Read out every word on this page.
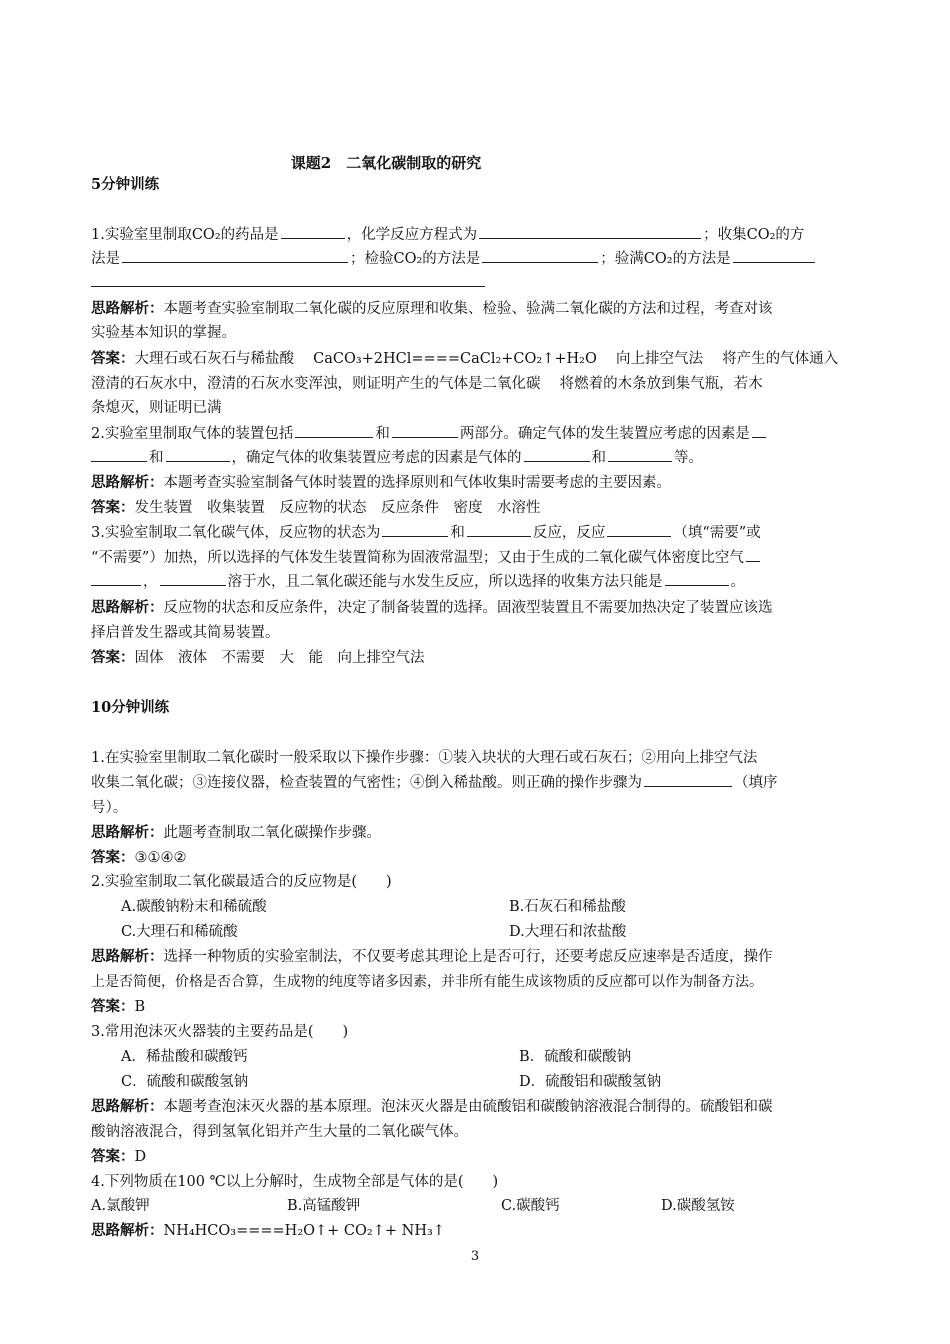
课题2　二氧化碳制取的研究
5分钟训练
1.实验室里制取CO₂的药品是	，化学反应方程式为	；收集CO₂的方
法是	；检验CO₂的方法是	；验满CO₂的方法是
思路解析：本题考查实验室制取二氧化碳的反应原理和收集、检验、验满二氧化碳的方法和过程，考查对该
实验基本知识的掌握。
答案：大理石或石灰石与稀盐酸　 CaCO₃+2HCl====CaCl₂+CO₂↑+H₂O　 向上排空气法　 将产生的气体通入
澄清的石灰水中，澄清的石灰水变浑浊，则证明产生的气体是二氧化碳　 将燃着的木条放到集气瓶，若木
条熄灭，则证明已满
2.实验室里制取气体的装置包括	和	两部分。确定气体的发生装置应考虑的因素是
和	，确定气体的收集装置应考虑的因素是气体的	和	等。
思路解析：本题考查实验室制备气体时装置的选择原则和气体收集时需要考虑的主要因素。
答案：发生装置　收集装置　反应物的状态　反应条件　密度　水溶性
3.实验室制取二氧化碳气体，反应物的状态为	和	反应，反应	（填“需要”或
“不需要”）加热，所以选择的气体发生装置简称为固液常温型；又由于生成的二氧化碳气体密度比空气
，	溶于水，且二氧化碳还能与水发生反应，所以选择的收集方法只能是	。
思路解析：反应物的状态和反应条件，决定了制备装置的选择。固液型装置且不需要加热决定了装置应该选
择启普发生器或其简易装置。
答案：固体　液体　不需要　大　能　向上排空气法
10分钟训练
1.在实验室里制取二氧化碳时一般采取以下操作步骤：①装入块状的大理石或石灰石；②用向上排空气法
收集二氧化碳；③连接仪器，检查装置的气密性；④倒入稀盐酸。则正确的操作步骤为	（填序
号）。
思路解析：此题考查制取二氧化碳操作步骤。
答案：③①④②
2.实验室制取二氧化碳最适合的反应物是(　　)
A.碳酸钠粉末和稀硫酸	B.石灰石和稀盐酸
C.大理石和稀硫酸	D.大理石和浓盐酸
思路解析：选择一种物质的实验室制法，不仅要考虑其理论上是否可行，还要考虑反应速率是否适度，操作
上是否简便，价格是否合算，生成物的纯度等诸多因素，并非所有能生成该物质的反应都可以作为制备方法。
答案：B
3.常用泡沫灭火器装的主要药品是(　　)
A．稀盐酸和碳酸钙	B．硫酸和碳酸钠
C．硫酸和碳酸氢钠	D．硫酸铝和碳酸氢钠
思路解析：本题考查泡沫灭火器的基本原理。泡沫灭火器是由硫酸铝和碳酸钠溶液混合制得的。硫酸铝和碳
酸钠溶液混合，得到氢氧化铝并产生大量的二氧化碳气体。
答案：D
4.下列物质在100 ℃以上分解时，生成物全部是气体的是(　　)
A.氯酸钾	B.高锰酸钾	C.碳酸钙	D.碳酸氢铵
思路解析：NH₄HCO₃====H₂O↑+ CO₂↑+ NH₃↑
3
